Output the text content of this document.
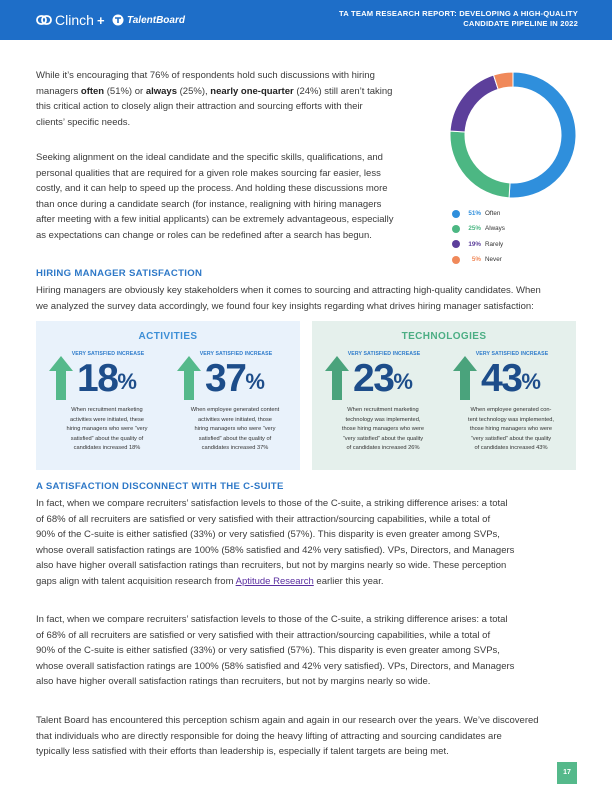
Clinch + TalentBoard
TA TEAM RESEARCH REPORT: DEVELOPING A HIGH-QUALITY
CANDIDATE PIPELINE IN 2022

While it’s encouraging that 76% of respondents hold such discussions with hiring
managers often (51%) or always (25%), nearly one-quarter (24%) still aren’t taking
this critical action to closely align their attraction and sourcing efforts with their
clients’ specific needs.

Seeking alignment on the ideal candidate and the specific skills, qualifications, and
personal qualities that are required for a given role makes sourcing far easier, less
costly, and it can help to speed up the process. And holding these discussions more
than once during a candidate search (for instance, realigning with hiring managers
after meeting with a few initial applicants) can be extremely advantageous, especially
as expectations can change or roles can be redefined after a search has begun.

51% Often
25% Always
19% Rarely
5% Never
HIRING MANAGER SATISFACTION

Hiring managers are obviously key stakeholders when it comes to sourcing and attracting high-quality candidates. When
we analyzed the survey data accordingly, we found four key insights regarding what drives hiring manager satisfaction:

ACTIVITIES
VERY SATISFIED INCREASE
18%
When recruitment marketing
activities were initiated, these
hiring managers who were “very
satisfied” about the quality of
candidates increased 18%
VERY SATISFIED INCREASE
37%
When employee generated content
activities were initiated, those
hiring managers who were “very
satisfied” about the quality of
candidates increased 37%
TECHNOLOGIES
VERY SATISFIED INCREASE
23%
When recruitment marketing
technology was implemented,
those hiring managers who were
“very satisfied” about the quality
of candidates increased 26%
VERY SATISFIED INCREASE
43%
When employee generated con-
tent technology was implemented,
those hiring managers who were
“very satisfied” about the quality
of candidates increased 43%
A SATISFACTION DISCONNECT WITH THE C-SUITE

In fact, when we compare recruiters’ satisfaction levels to those of the C-suite, a striking difference arises: a total
of 68% of all recruiters are satisfied or very satisfied with their attraction/sourcing capabilities, while a total of
90% of the C-suite is either satisfied (33%) or very satisfied (57%). This disparity is even greater among SVPs,
whose overall satisfaction ratings are 100% (58% satisfied and 42% very satisfied). VPs, Directors, and Managers
also have higher overall satisfaction ratings than recruiters, but not by margins nearly so wide. These perception
gaps align with talent acquisition research from Aptitude Research earlier this year.

In fact, when we compare recruiters’ satisfaction levels to those of the C-suite, a striking difference arises: a total
of 68% of all recruiters are satisfied or very satisfied with their attraction/sourcing capabilities, while a total of
90% of the C-suite is either satisfied (33%) or very satisfied (57%). This disparity is even greater among SVPs,
whose overall satisfaction ratings are 100% (58% satisfied and 42% very satisfied). VPs, Directors, and Managers
also have higher overall satisfaction ratings than recruiters, but not by margins nearly so wide.

Talent Board has encountered this perception schism again and again in our research over the years. We’ve discovered
that individuals who are directly responsible for doing the heavy lifting of attracting and sourcing candidates are
typically less satisfied with their efforts than leadership is, especially if talent targets are being met.

17
